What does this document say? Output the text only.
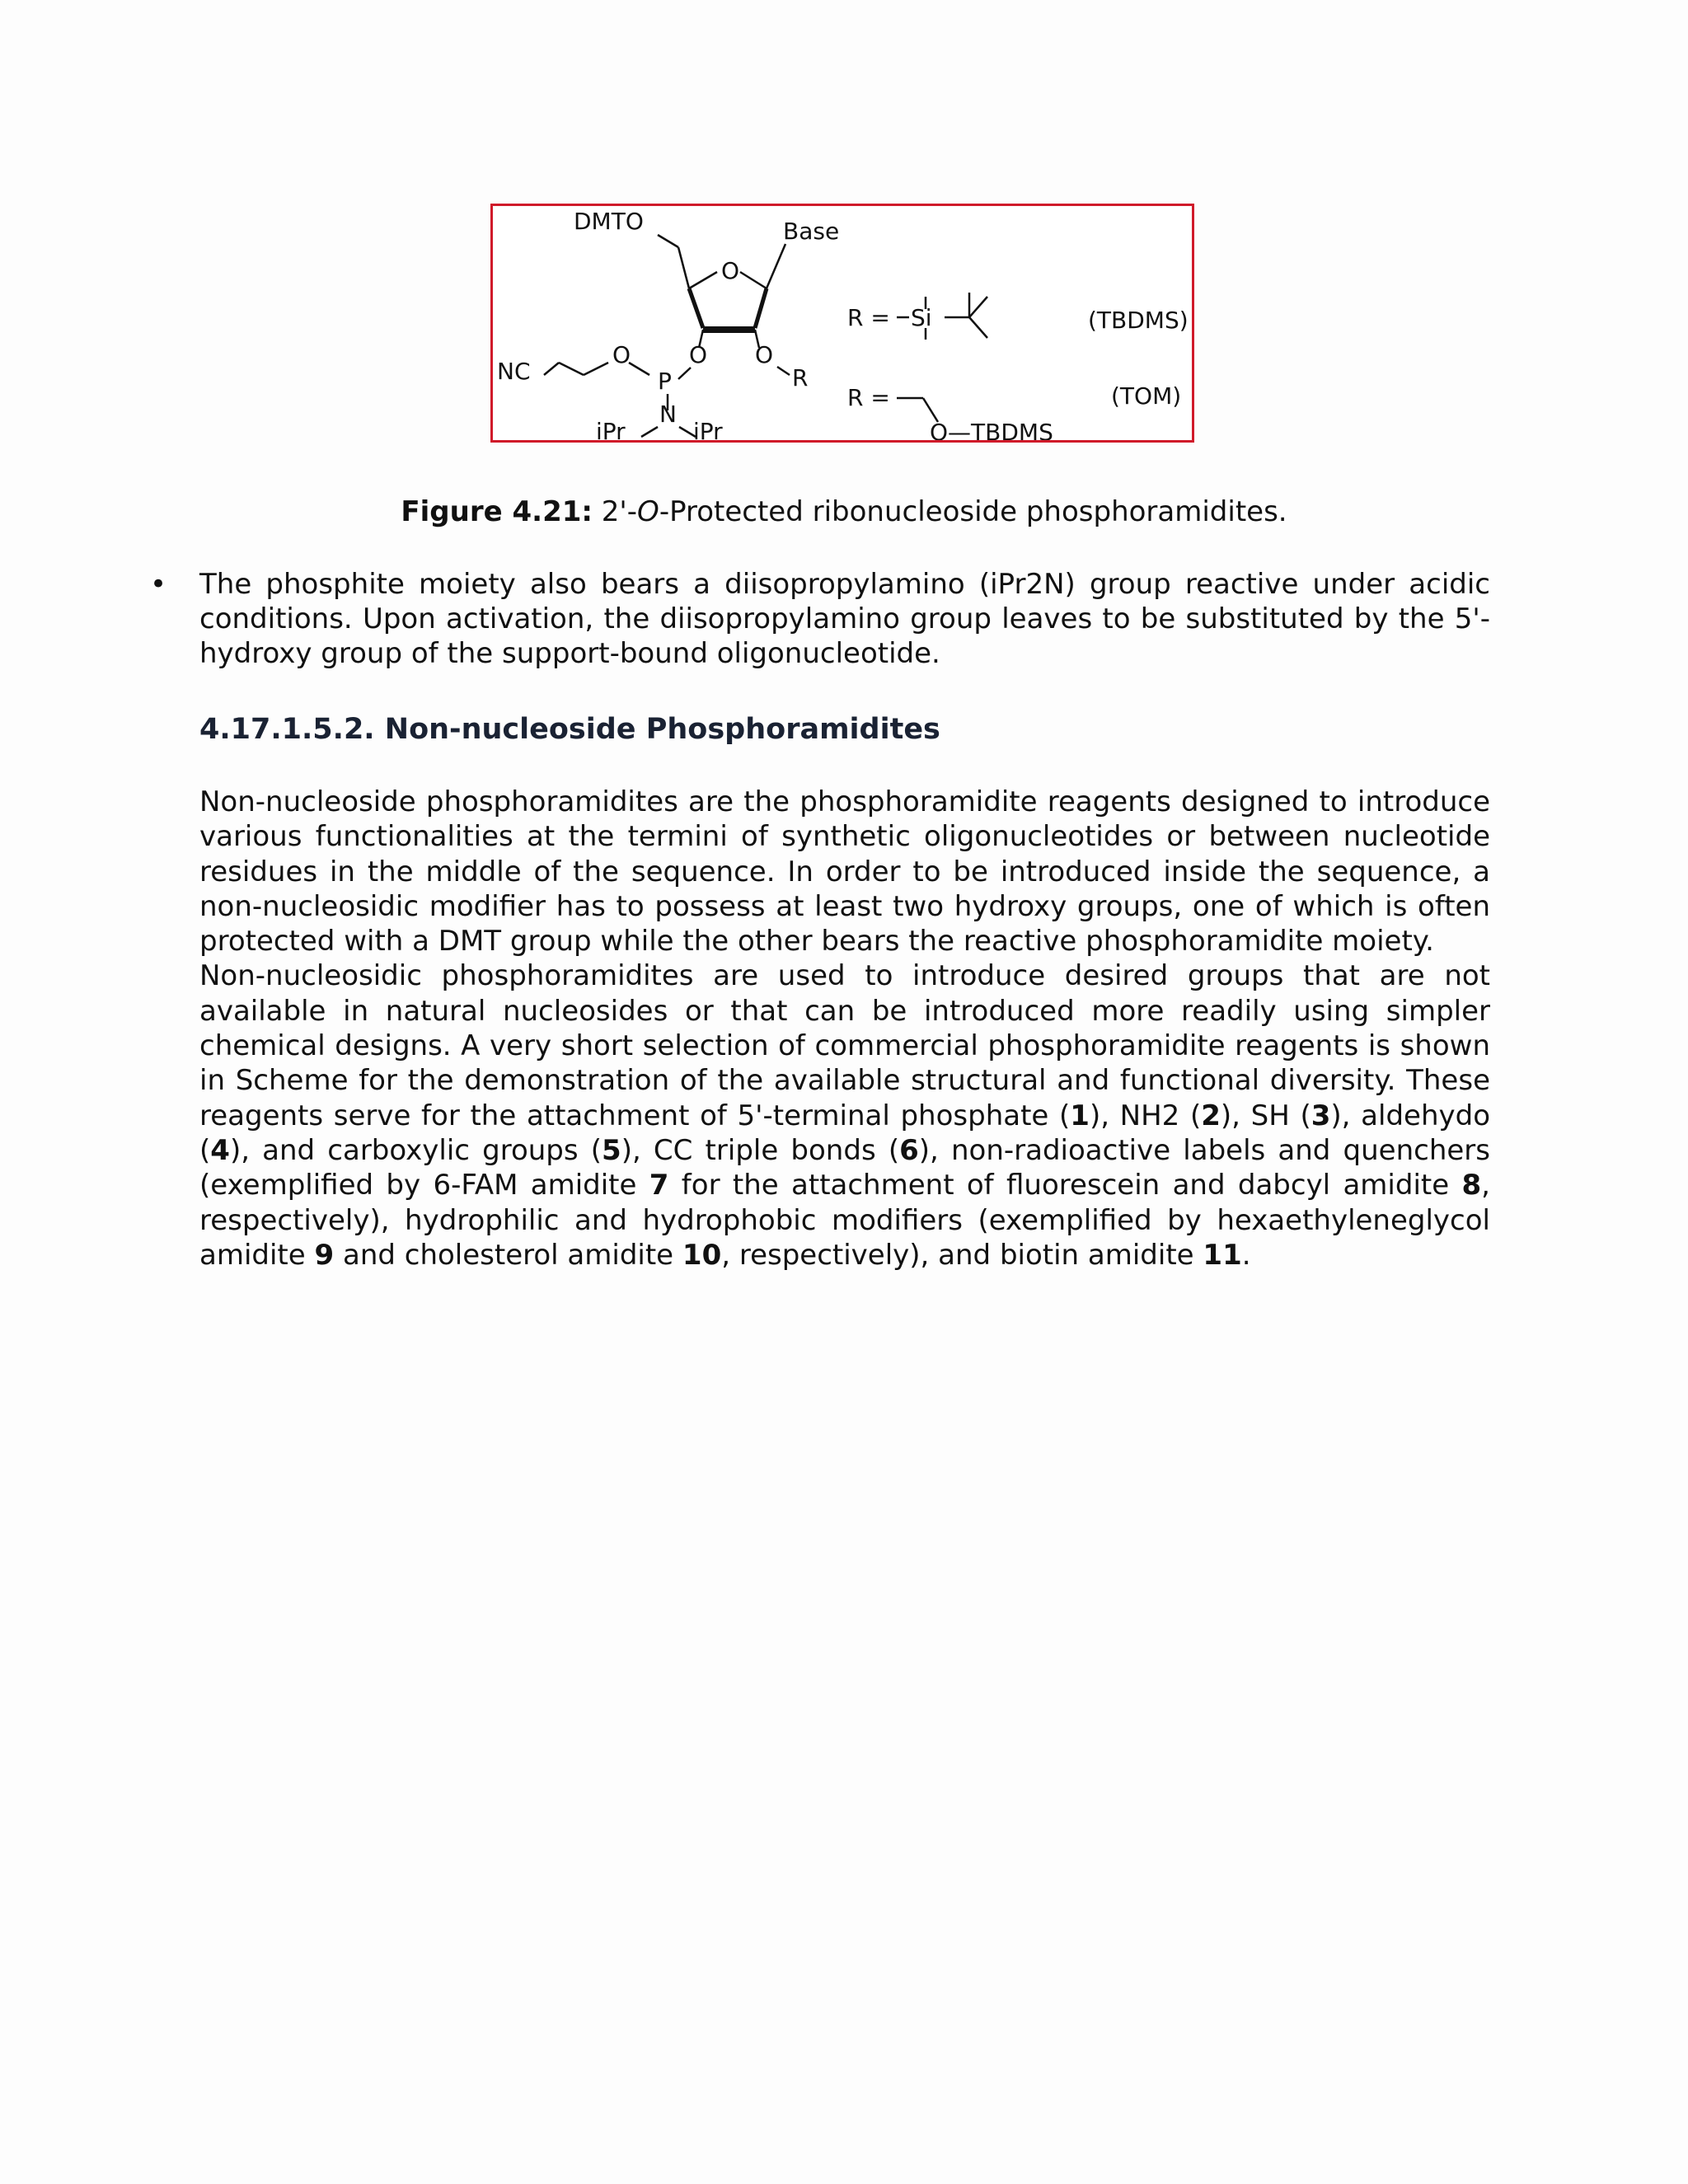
DMTO
O
Base
NC
O
P
O O
R
N
iPr	iPr
R = Si	(TBDMS)
R =	(TOM)
O—TBDMS
Figure 4.21: 2'-O-Protected ribonucleoside phosphoramidites.
• The phosphite moiety also bears a diisopropylamino (iPr2N) group reactive under acidic conditions. Upon activation, the diisopropylamino group leaves to be substituted by the 5'-hydroxy group of the support-bound oligonucleotide.
4.17.1.5.2. Non-nucleoside Phosphoramidites
Non-nucleoside phosphoramidites are the phosphoramidite reagents designed to introduce various functionalities at the termini of synthetic oligonucleotides or between nucleotide residues in the middle of the sequence. In order to be introduced inside the sequence, a non-nucleosidic modifier has to possess at least two hydroxy groups, one of which is often protected with a DMT group while the other bears the reactive phosphoramidite moiety.
Non-nucleosidic phosphoramidites are used to introduce desired groups that are not available in natural nucleosides or that can be introduced more readily using simpler chemical designs. A very short selection of commercial phosphoramidite reagents is shown in Scheme for the demonstration of the available structural and functional diversity. These reagents serve for the attachment of 5'-terminal phosphate (1), NH2 (2), SH (3), aldehydo (4), and carboxylic groups (5), CC triple bonds (6), non-radioactive labels and quenchers (exemplified by 6-FAM amidite 7 for the attachment of fluorescein and dabcyl amidite 8, respectively), hydrophilic and hydrophobic modifiers (exemplified by hexaethyleneglycol amidite 9 and cholesterol amidite 10, respectively), and biotin amidite 11.
